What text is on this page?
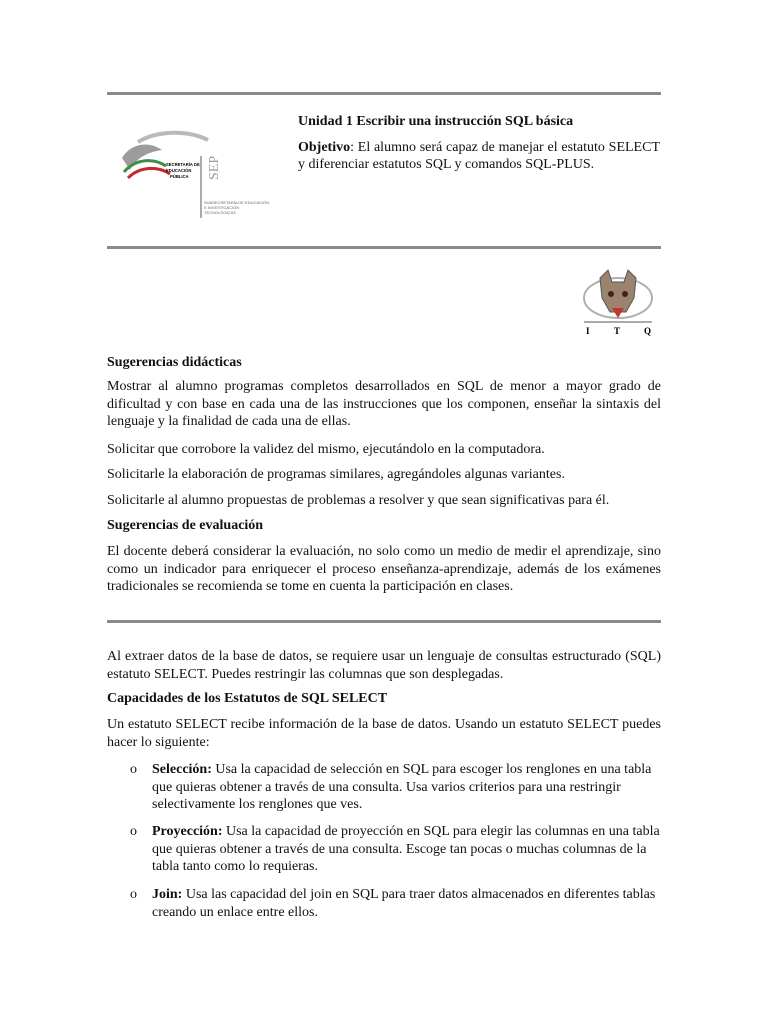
SECRETARÍA DE
EDUCACIÓN
PÚBLICA SEP
SUBSECRETARÍA DE EDUCACIÓN
E INVESTIGACIÓN
TECNOLÓGICAS
Unidad 1 Escribir una instrucción SQL básica
Objetivo: El alumno será capaz de manejar el estatuto SELECT y diferenciar estatutos SQL y comandos SQL-PLUS.
I	T	Q
Sugerencias didácticas
Mostrar al alumno programas completos desarrollados en SQL de menor a mayor grado de dificultad y con base en cada una de las instrucciones que los componen, enseñar la sintaxis del lenguaje y la finalidad de cada una de ellas.
Solicitar que corrobore la validez del mismo, ejecutándolo en la computadora.
Solicitarle la elaboración de programas similares, agregándoles algunas variantes.
Solicitarle al alumno propuestas de problemas a resolver y que sean significativas para él.
Sugerencias de evaluación
El docente deberá considerar la evaluación, no solo como un medio de medir el aprendizaje, sino como un indicador para enriquecer el proceso enseñanza-aprendizaje, además de los exámenes tradicionales se recomienda se tome en cuenta la participación en clases.
Al extraer datos de la base de datos, se requiere usar un lenguaje de consultas estructurado (SQL) estatuto SELECT. Puedes restringir las columnas que son desplegadas.
Capacidades de los Estatutos de SQL SELECT
Un estatuto SELECT recibe información de la base de datos. Usando un estatuto SELECT puedes hacer lo siguiente:
o Selección: Usa la capacidad de selección en SQL para escoger los renglones en una tabla que quieras obtener a través de una consulta. Usa varios criterios para una restringir selectivamente los renglones que ves.
o Proyección: Usa la capacidad de proyección en SQL para elegir las columnas en una tabla que quieras obtener a través de una consulta. Escoge tan pocas o muchas columnas de la tabla tanto como lo requieras.
o Join: Usa las capacidad del join en SQL para traer datos almacenados en diferentes tablas creando un enlace entre ellos.
